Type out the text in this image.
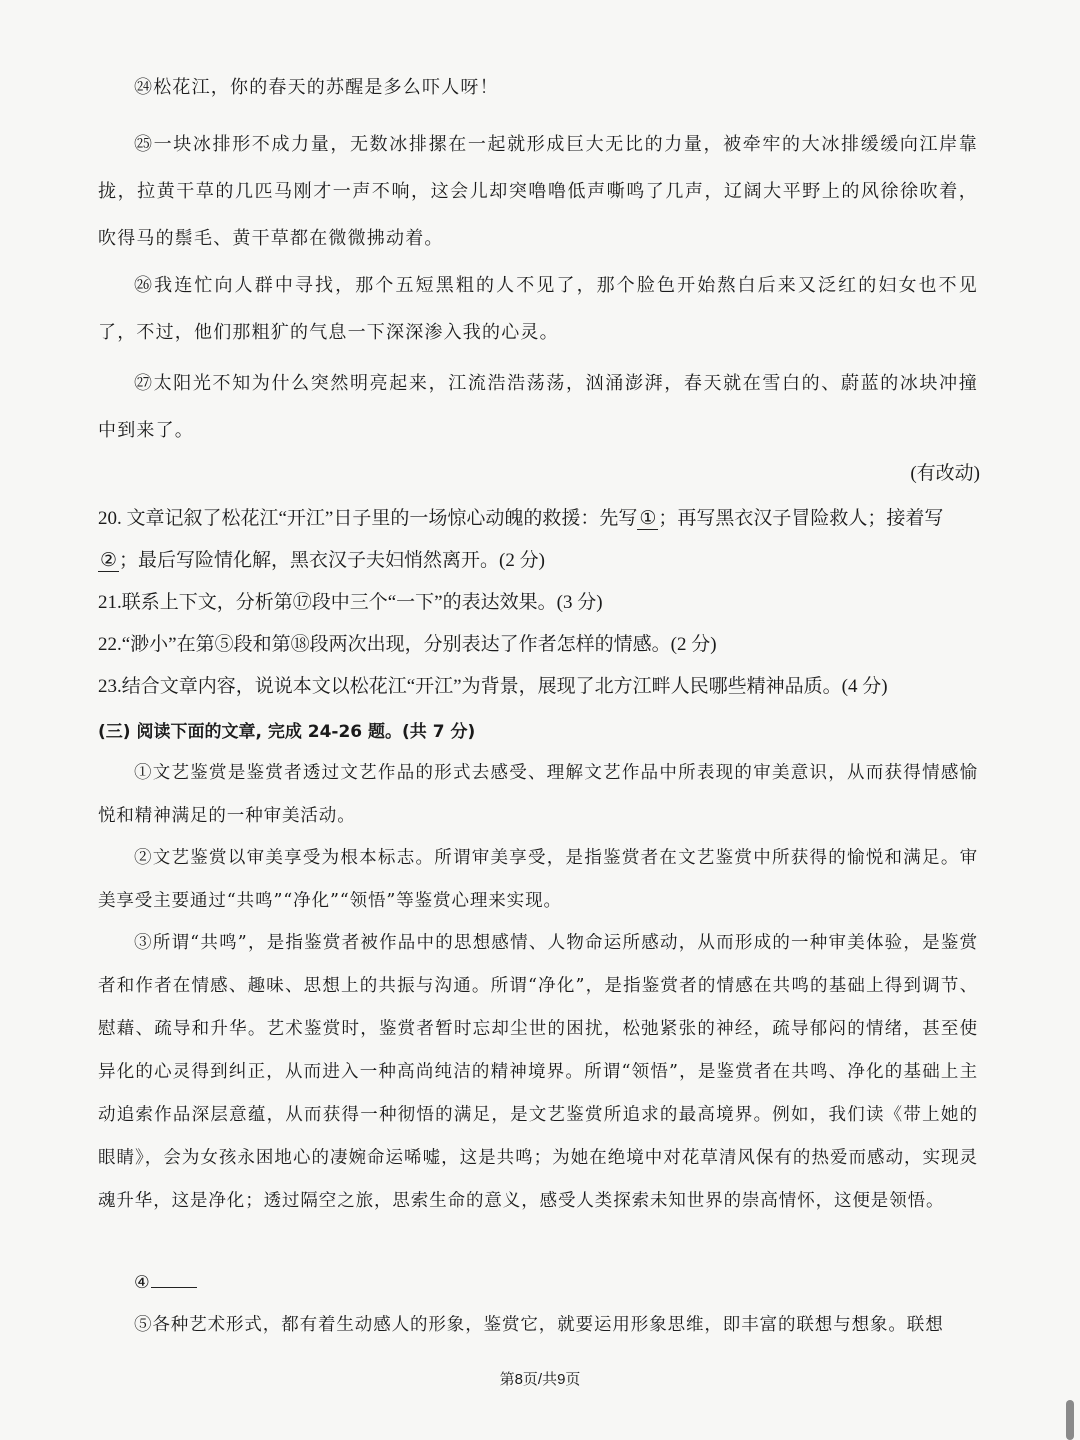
㉔松花江，你的春天的苏醒是多么吓人呀！

㉕一块冰排形不成力量，无数冰排摞在一起就形成巨大无比的力量，被牵牢的大冰排缓缓向江岸靠拢，拉黄干草的几匹马刚才一声不响，这会儿却突噜噜低声嘶鸣了几声，辽阔大平野上的风徐徐吹着，吹得马的鬃毛、黄干草都在微微拂动着。

㉖我连忙向人群中寻找，那个五短黑粗的人不见了，那个脸色开始熬白后来又泛红的妇女也不见了，不过，他们那粗犷的气息一下深深渗入我的心灵。

㉗太阳光不知为什么突然明亮起来，江流浩浩荡荡，汹涌澎湃，春天就在雪白的、蔚蓝的冰块冲撞中到来了。

(有改动)

20. 文章记叙了松花江“开江”日子里的一场惊心动魄的救援：先写 ① ；再写黑衣汉子冒险救人；接着写② ；最后写险情化解，黑衣汉子夫妇悄然离开。(2 分)

21.联系上下文，分析第⑰段中三个“一下”的表达效果。(3 分)

22.“渺小”在第⑤段和第⑱段两次出现，分别表达了作者怎样的情感。(2 分)

23.结合文章内容，说说本文以松花江“开江”为背景，展现了北方江畔人民哪些精神品质。(4 分)

(三) 阅读下面的文章, 完成 24-26 题。(共 7 分)

①文艺鉴赏是鉴赏者透过文艺作品的形式去感受、理解文艺作品中所表现的审美意识，从而获得情感愉悦和精神满足的一种审美活动。

②文艺鉴赏以审美享受为根本标志。所谓审美享受，是指鉴赏者在文艺鉴赏中所获得的愉悦和满足。审美享受主要通过“共鸣”“净化”“领悟”等鉴赏心理来实现。

③所谓“共鸣”，是指鉴赏者被作品中的思想感情、人物命运所感动，从而形成的一种审美体验，是鉴赏者和作者在情感、趣味、思想上的共振与沟通。所谓“净化”，是指鉴赏者的情感在共鸣的基础上得到调节、慰藉、疏导和升华。艺术鉴赏时，鉴赏者暂时忘却尘世的困扰，松弛紧张的神经，疏导郁闷的情绪，甚至使异化的心灵得到纠正，从而进入一种高尚纯洁的精神境界。所谓“领悟”，是鉴赏者在共鸣、净化的基础上主动追索作品深层意蕴，从而获得一种彻悟的满足，是文艺鉴赏所追求的最高境界。例如，我们读《带上她的眼睛》，会为女孩永困地心的凄婉命运唏嘘，这是共鸣；为她在绝境中对花草清风保有的热爱而感动，实现灵魂升华，这是净化；透过隔空之旅，思索生命的意义，感受人类探索未知世界的崇高情怀，这便是领悟。

④

⑤各种艺术形式，都有着生动感人的形象，鉴赏它，就要运用形象思维，即丰富的联想与想象。联想

第8页/共9页
